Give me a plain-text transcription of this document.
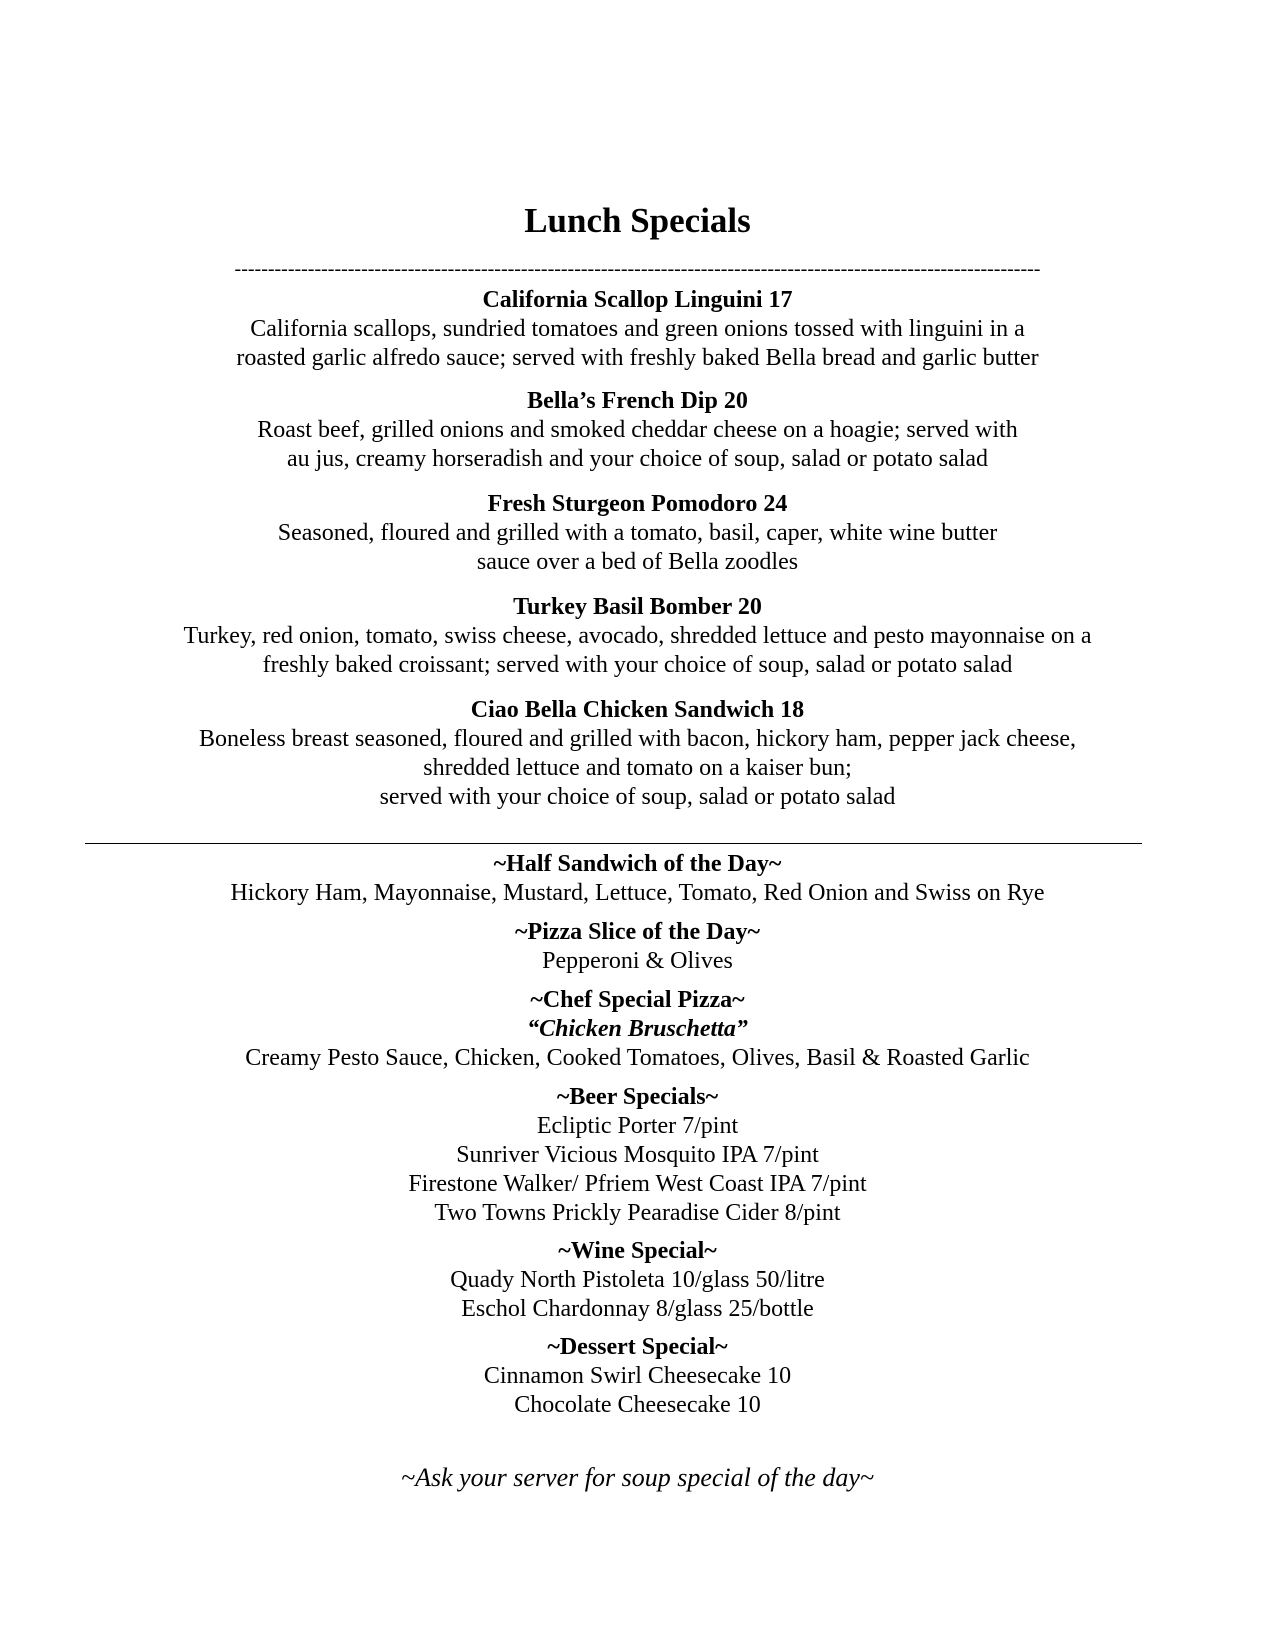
Lunch Specials
-------------------------------------------------------------------------------------------------------------------------
California Scallop Linguini 17
California scallops, sundried tomatoes and green onions tossed with linguini in a
roasted garlic alfredo sauce; served with freshly baked Bella bread and garlic butter
Bella’s French Dip 20
Roast beef, grilled onions and smoked cheddar cheese on a hoagie; served with
au jus, creamy horseradish and your choice of soup, salad or potato salad
Fresh Sturgeon Pomodoro 24
Seasoned, floured and grilled with a tomato, basil, caper, white wine butter
sauce over a bed of Bella zoodles
Turkey Basil Bomber 20
Turkey, red onion, tomato, swiss cheese, avocado, shredded lettuce and pesto mayonnaise on a
freshly baked croissant; served with your choice of soup, salad or potato salad
Ciao Bella Chicken Sandwich 18
Boneless breast seasoned, floured and grilled with bacon, hickory ham, pepper jack cheese,
shredded lettuce and tomato on a kaiser bun;
served with your choice of soup, salad or potato salad
~Half Sandwich of the Day~
Hickory Ham, Mayonnaise, Mustard, Lettuce, Tomato, Red Onion and Swiss on Rye
~Pizza Slice of the Day~
Pepperoni & Olives
~Chef Special Pizza~
“Chicken Bruschetta”
Creamy Pesto Sauce, Chicken, Cooked Tomatoes, Olives, Basil & Roasted Garlic
~Beer Specials~
Ecliptic Porter 7/pint
Sunriver Vicious Mosquito IPA 7/pint
Firestone Walker/ Pfriem West Coast IPA 7/pint
Two Towns Prickly Pearadise Cider 8/pint
~Wine Special~
Quady North Pistoleta 10/glass 50/litre
Eschol Chardonnay 8/glass 25/bottle
~Dessert Special~
Cinnamon Swirl Cheesecake 10
Chocolate Cheesecake 10
~Ask your server for soup special of the day~
